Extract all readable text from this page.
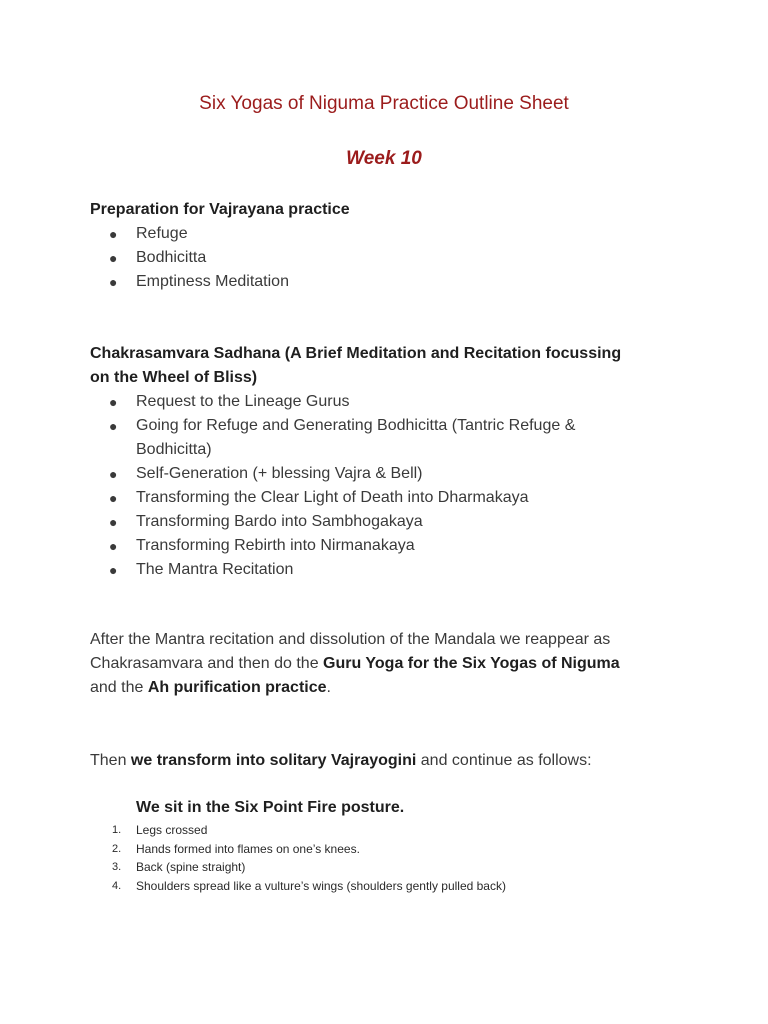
Six Yogas of Niguma Practice Outline Sheet
Week 10
Preparation for Vajrayana practice
● Refuge
● Bodhicitta
● Emptiness Meditation
Chakrasamvara Sadhana (A Brief Meditation and Recitation focussing
on the Wheel of Bliss)
● Request to the Lineage Gurus
● Going for Refuge and Generating Bodhicitta (Tantric Refuge &
Bodhicitta)
● Self-Generation (+ blessing Vajra & Bell)
● Transforming the Clear Light of Death into Dharmakaya
● Transforming Bardo into Sambhogakaya
● Transforming Rebirth into Nirmanakaya
● The Mantra Recitation
After the Mantra recitation and dissolution of the Mandala we reappear as
Chakrasamvara and then do the Guru Yoga for the Six Yogas of Niguma
and the Ah purification practice.
Then we transform into solitary Vajrayogini and continue as follows:
We sit in the Six Point Fire posture.
1. Legs crossed
2. Hands formed into flames on one’s knees.
3. Back (spine straight)
4. Shoulders spread like a vulture’s wings (shoulders gently pulled back)
